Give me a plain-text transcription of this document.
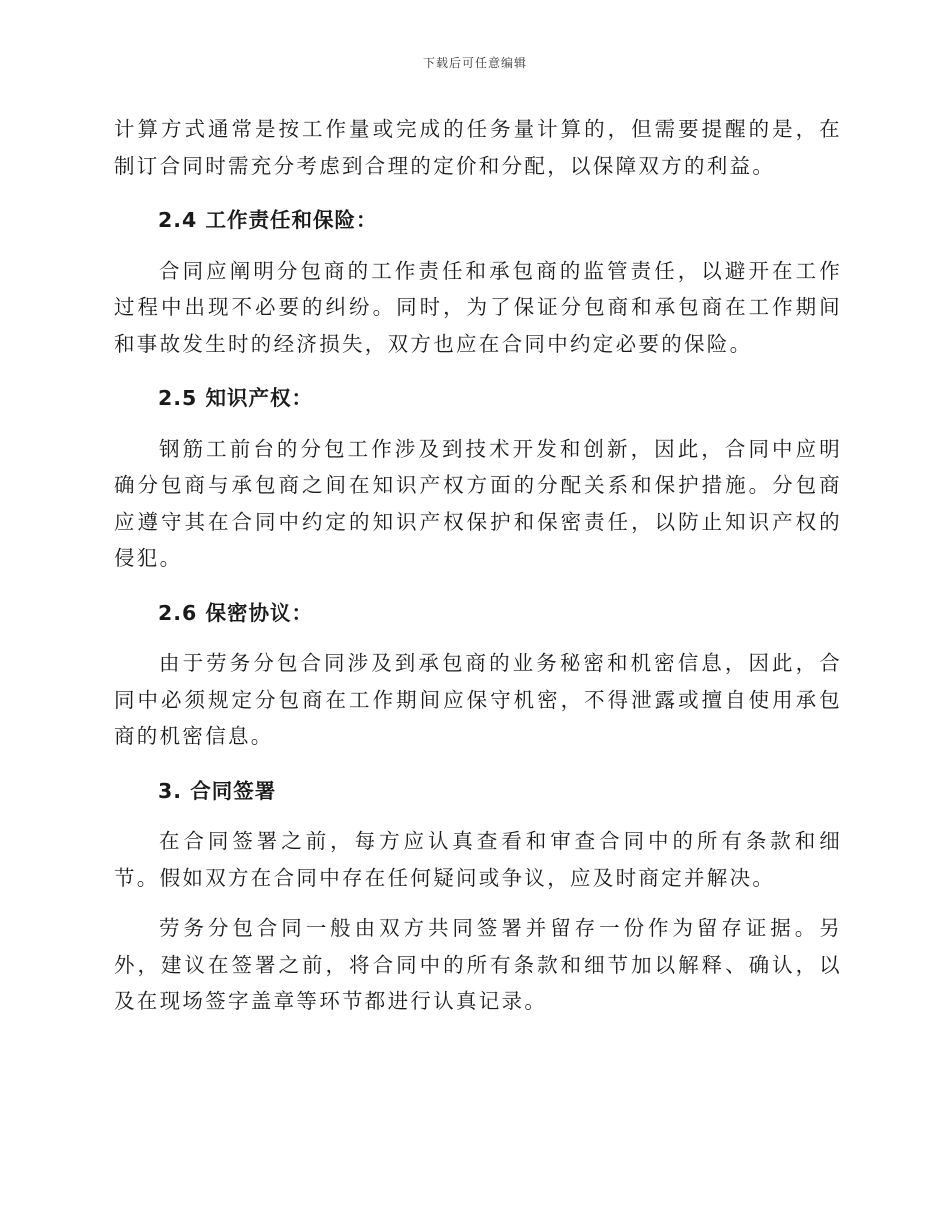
下载后可任意编辑

计算方式通常是按工作量或完成的任务量计算的，但需要提醒的是，在制订合同时需充分考虑到合理的定价和分配，以保障双方的利益。

2.4 工作责任和保险：

合同应阐明分包商的工作责任和承包商的监管责任，以避开在工作过程中出现不必要的纠纷。同时，为了保证分包商和承包商在工作期间和事故发生时的经济损失，双方也应在合同中约定必要的保险。

2.5 知识产权：

钢筋工前台的分包工作涉及到技术开发和创新，因此，合同中应明确分包商与承包商之间在知识产权方面的分配关系和保护措施。分包商应遵守其在合同中约定的知识产权保护和保密责任，以防止知识产权的侵犯。

2.6 保密协议：

由于劳务分包合同涉及到承包商的业务秘密和机密信息，因此，合同中必须规定分包商在工作期间应保守机密，不得泄露或擅自使用承包商的机密信息。

3. 合同签署

在合同签署之前，每方应认真查看和审查合同中的所有条款和细节。假如双方在合同中存在任何疑问或争议，应及时商定并解决。

劳务分包合同一般由双方共同签署并留存一份作为留存证据。另外，建议在签署之前，将合同中的所有条款和细节加以解释、确认，以及在现场签字盖章等环节都进行认真记录。
